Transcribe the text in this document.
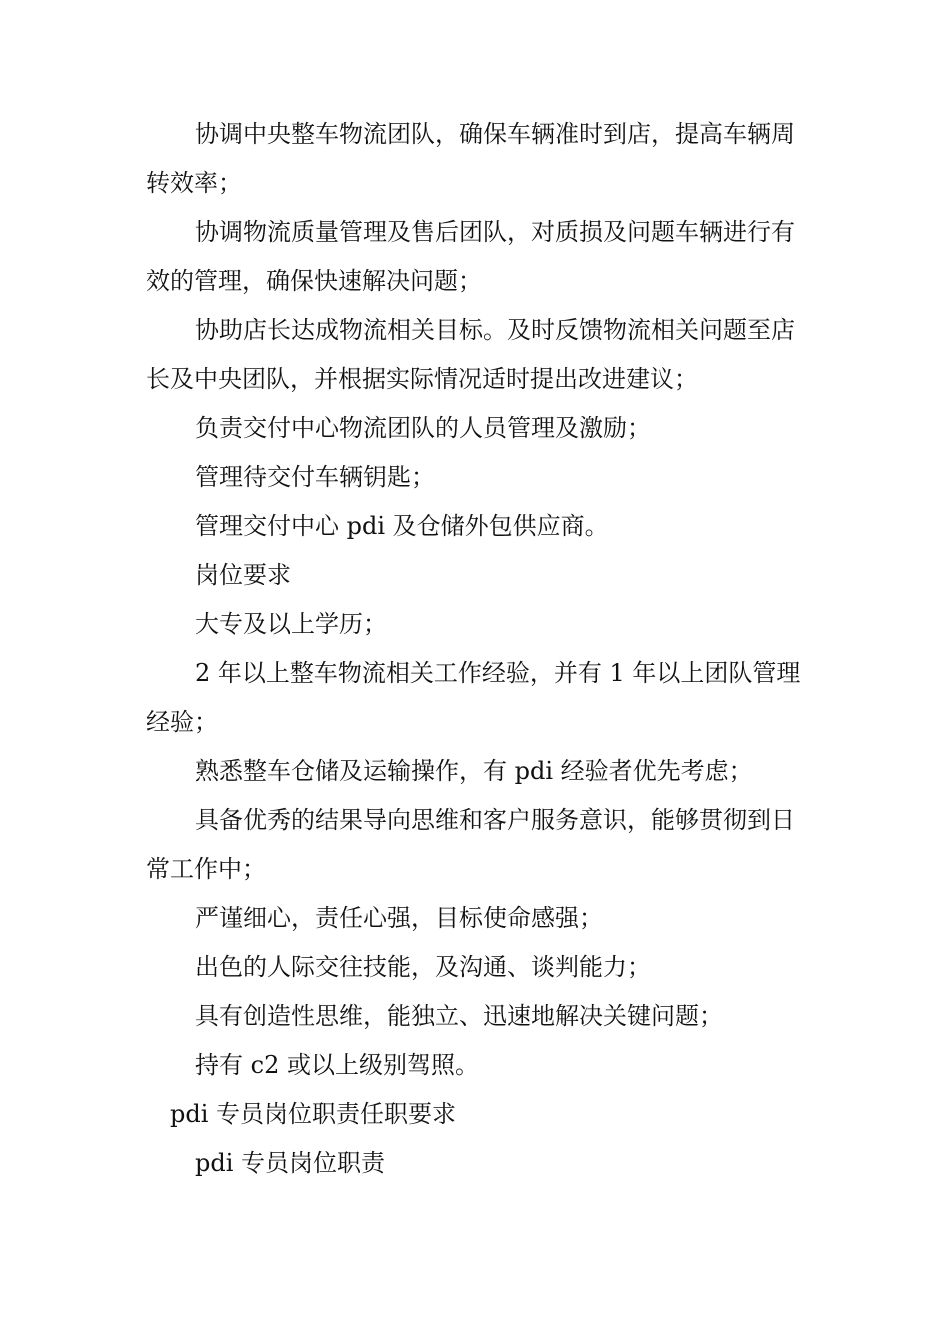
协调中央整车物流团队，确保车辆准时到店，提高车辆周转效率；

协调物流质量管理及售后团队，对质损及问题车辆进行有效的管理，确保快速解决问题；

协助店长达成物流相关目标。及时反馈物流相关问题至店长及中央团队，并根据实际情况适时提出改进建议；

负责交付中心物流团队的人员管理及激励；

管理待交付车辆钥匙；

管理交付中心 pdi 及仓储外包供应商。

岗位要求

大专及以上学历；

2 年以上整车物流相关工作经验，并有 1 年以上团队管理经验；

熟悉整车仓储及运输操作，有 pdi 经验者优先考虑；

具备优秀的结果导向思维和客户服务意识，能够贯彻到日常工作中；

严谨细心，责任心强，目标使命感强；

出色的人际交往技能，及沟通、谈判能力；

具有创造性思维，能独立、迅速地解决关键问题；

持有 c2 或以上级别驾照。

pdi 专员岗位职责任职要求

pdi 专员岗位职责
